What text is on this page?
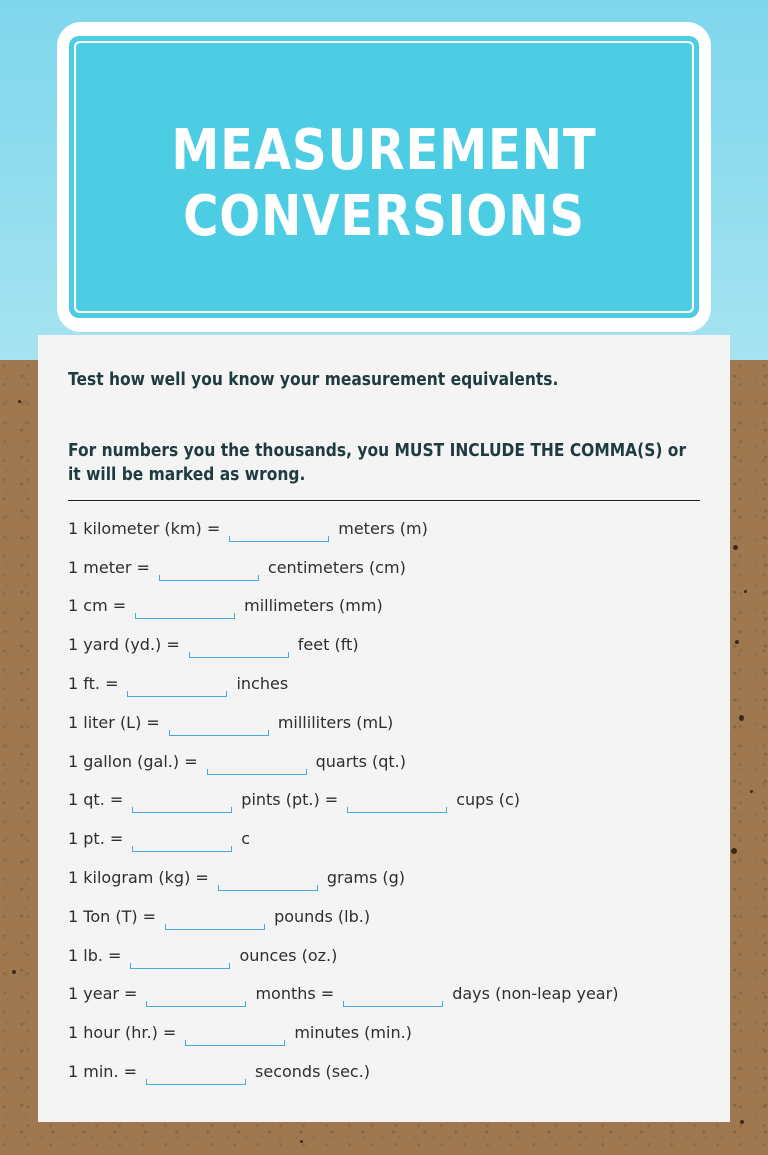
MEASUREMENT
CONVERSIONS
Test how well you know your measurement equivalents.
For numbers you the thousands, you MUST INCLUDE THE COMMA(S) or it will be marked as wrong.
1 kilometer (km) =	meters (m)
1 meter =	centimeters (cm)
1 cm =	millimeters (mm)
1 yard (yd.) =	feet (ft)
1 ft. =	inches
1 liter (L) =	milliliters (mL)
1 gallon (gal.) =	quarts (qt.)
1 qt. =	pints (pt.) =	cups (c)
1 pt. =	c
1 kilogram (kg) =	grams (g)
1 Ton (T) =	pounds (lb.)
1 lb. =	ounces (oz.)
1 year =	months =	days (non-leap year)
1 hour (hr.) =	minutes (min.)
1 min. =	seconds (sec.)
